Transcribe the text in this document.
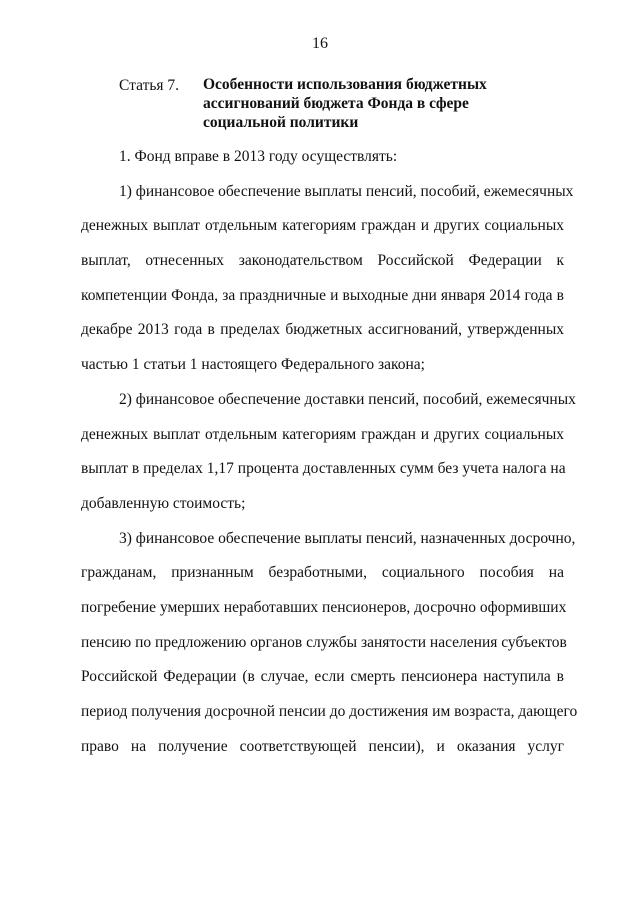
16
Статья 7. Особенности использования бюджетных
ассигнований бюджета Фонда в сфере
социальной политики
1. Фонд вправе в 2013 году осуществлять:
1) финансовое обеспечение выплаты пенсий, пособий, ежемесячных
денежных выплат отдельным категориям граждан и других социальных
выплат, отнесенных законодательством Российской Федерации к
компетенции Фонда, за праздничные и выходные дни января 2014 года в
декабре 2013 года в пределах бюджетных ассигнований, утвержденных
частью 1 статьи 1 настоящего Федерального закона;
2) финансовое обеспечение доставки пенсий, пособий, ежемесячных
денежных выплат отдельным категориям граждан и других социальных
выплат в пределах 1,17 процента доставленных сумм без учета налога на
добавленную стоимость;
3) финансовое обеспечение выплаты пенсий, назначенных досрочно,
гражданам, признанным безработными, социального пособия на
погребение умерших неработавших пенсионеров, досрочно оформивших
пенсию по предложению органов службы занятости населения субъектов
Российской Федерации (в случае, если смерть пенсионера наступила в
период получения досрочной пенсии до достижения им возраста, дающего
право на получение соответствующей пенсии), и оказания услуг
